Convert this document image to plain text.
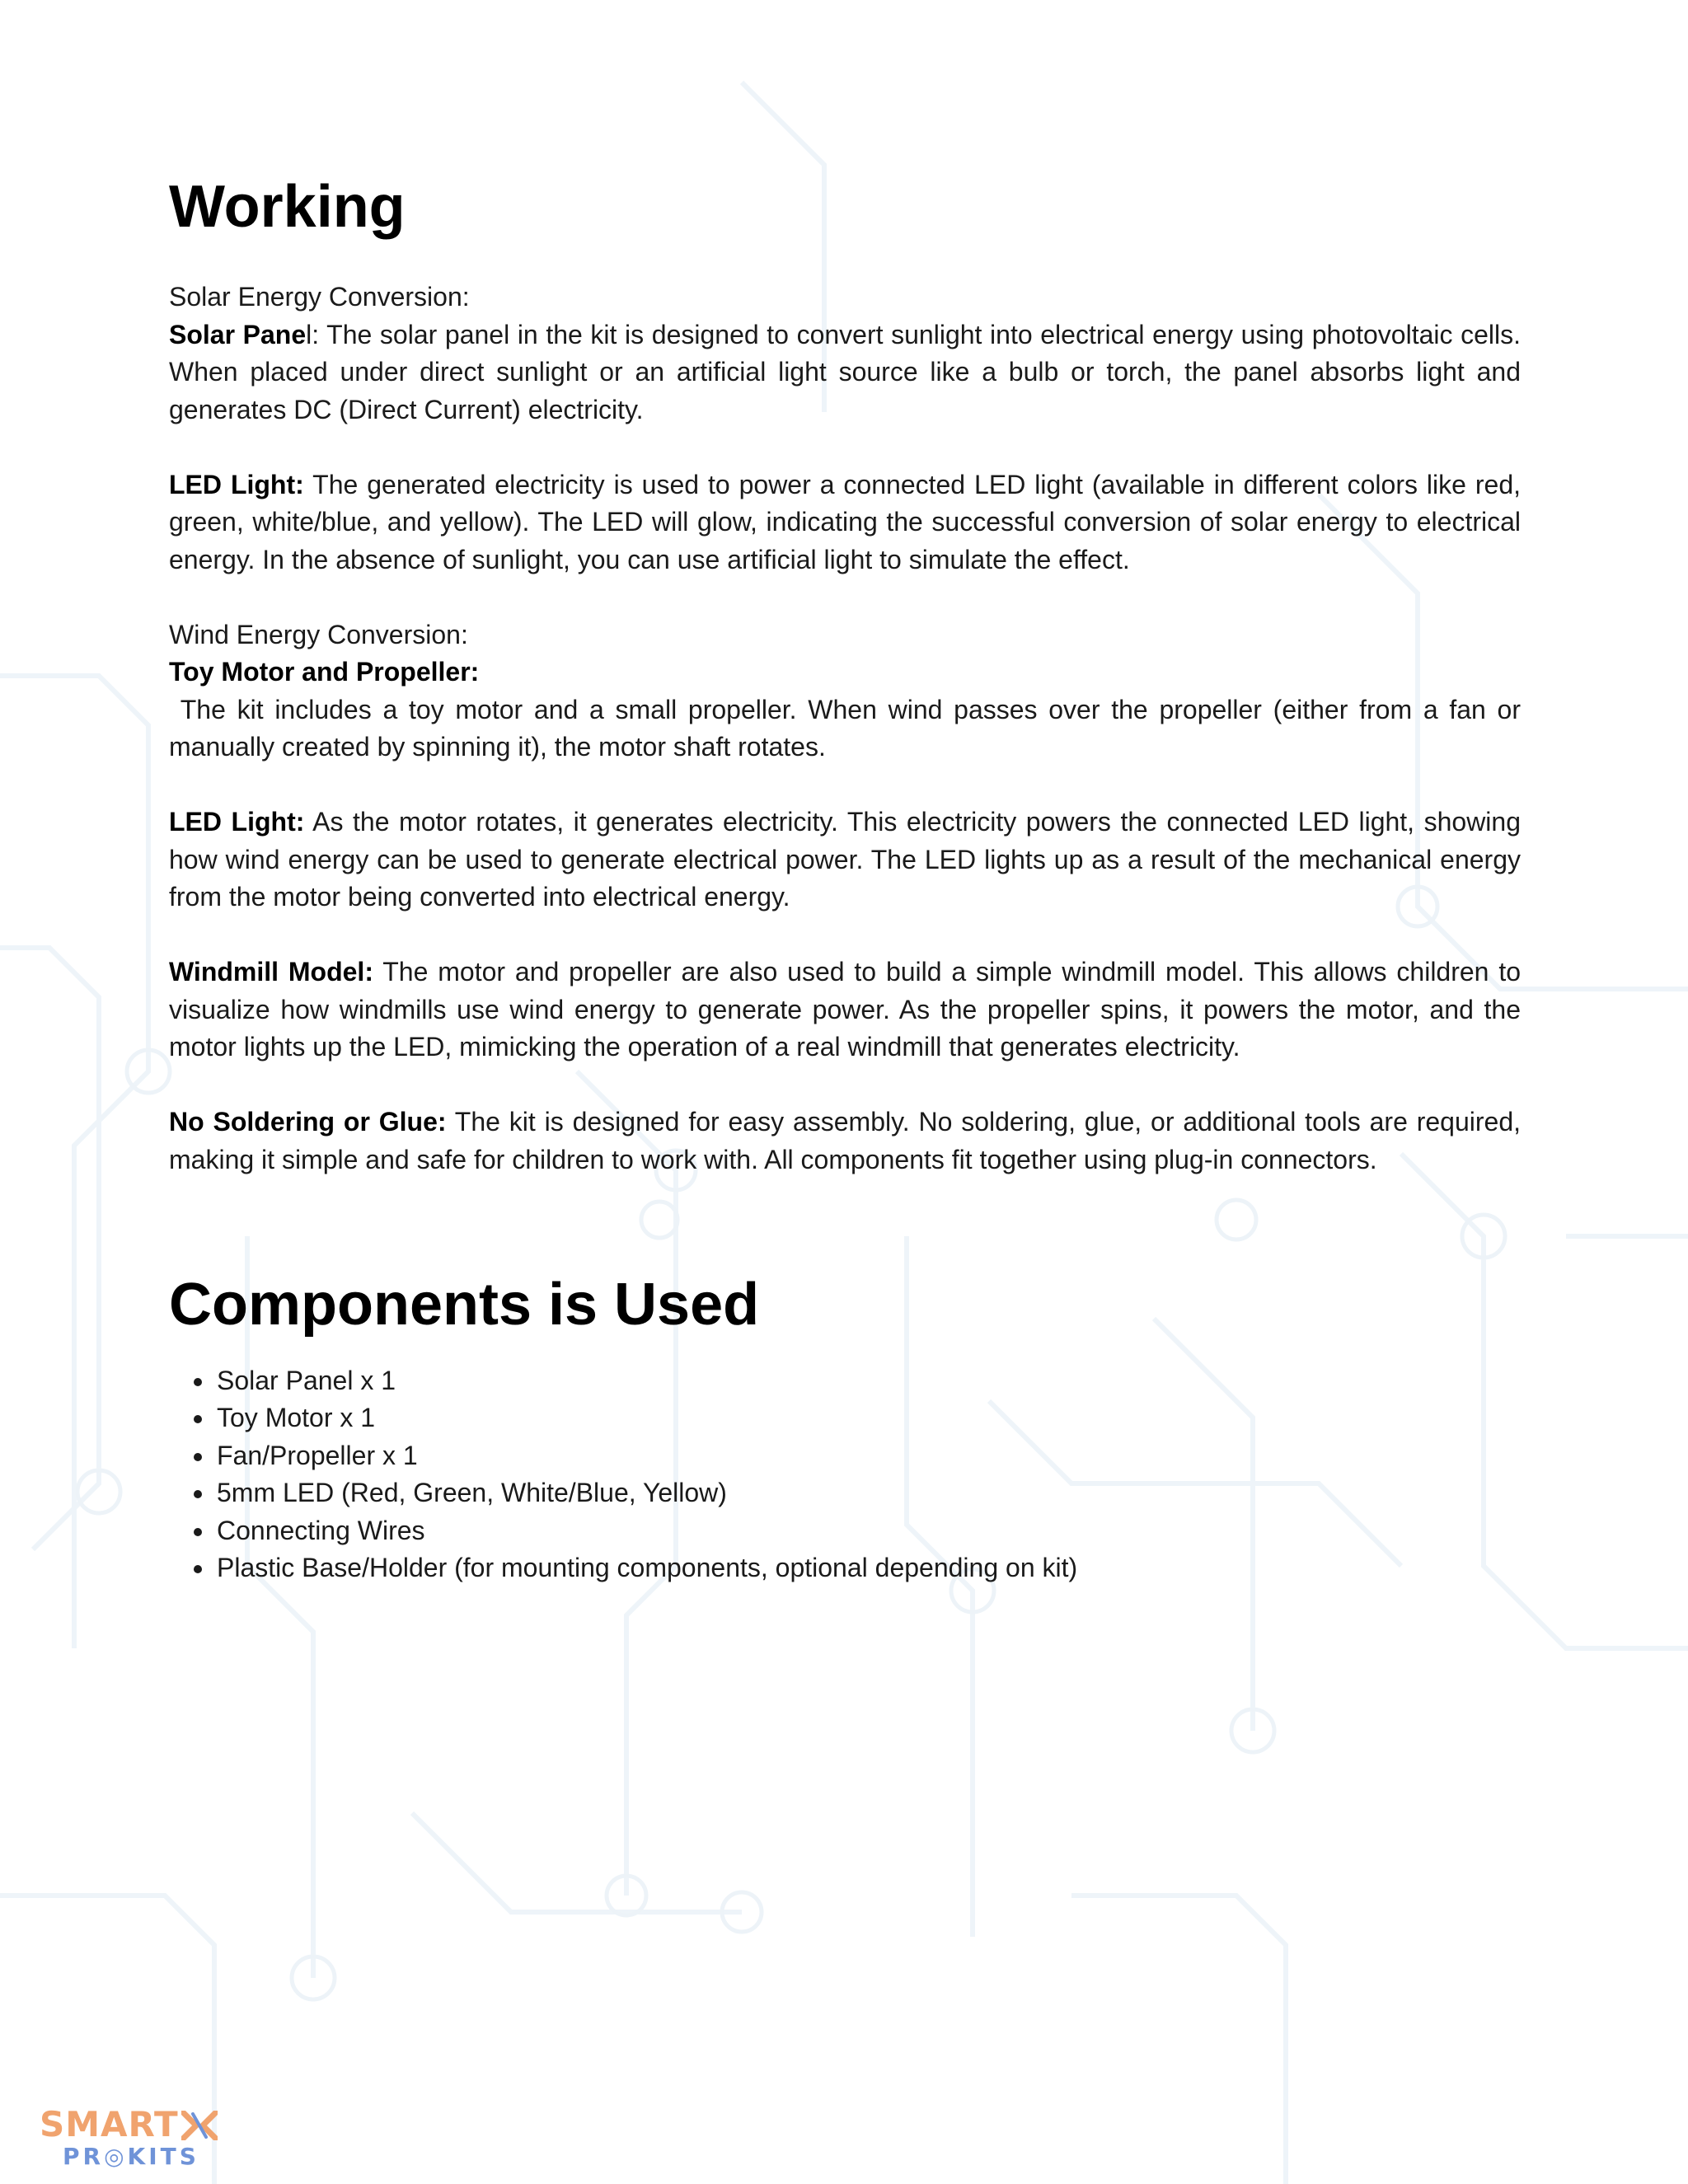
Working

Solar Energy Conversion:

Solar Panel: The solar panel in the kit is designed to convert sunlight into electrical energy using photovoltaic cells. When placed under direct sunlight or an artificial light source like a bulb or torch, the panel absorbs light and generates DC (Direct Current) electricity.

LED Light: The generated electricity is used to power a connected LED light (available in different colors like red, green, white/blue, and yellow). The LED will glow, indicating the successful conversion of solar energy to electrical energy. In the absence of sunlight, you can use artificial light to simulate the effect.

Wind Energy Conversion:

Toy Motor and Propeller:

The kit includes a toy motor and a small propeller. When wind passes over the propeller (either from a fan or manually created by spinning it), the motor shaft rotates.

LED Light: As the motor rotates, it generates electricity. This electricity powers the connected LED light, showing how wind energy can be used to generate electrical power. The LED lights up as a result of the mechanical energy from the motor being converted into electrical energy.

Windmill Model: The motor and propeller are also used to build a simple windmill model. This allows children to visualize how windmills use wind energy to generate power. As the propeller spins, it powers the motor, and the motor lights up the LED, mimicking the operation of a real windmill that generates electricity.

No Soldering or Glue: The kit is designed for easy assembly. No soldering, glue, or additional tools are required, making it simple and safe for children to work with. All components fit together using plug-in connectors.

Components is Used
• Solar Panel x 1
• Toy Motor x 1
• Fan/Propeller x 1
• 5mm LED (Red, Green, White/Blue, Yellow)
• Connecting Wires
• Plastic Base/Holder (for mounting components, optional depending on kit)
SMART
PR◎KITS
